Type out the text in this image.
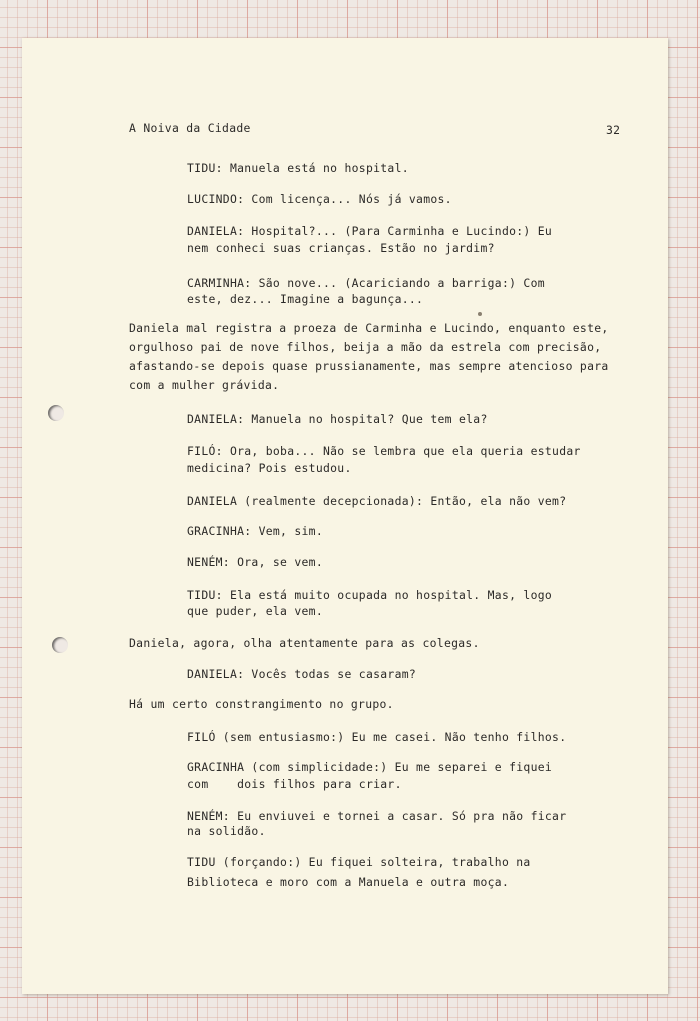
A Noiva da Cidade	32
TIDU: Manuela está no hospital.
LUCINDO: Com licença... Nós já vamos.
DANIELA: Hospital?... (Para Carminha e Lucindo:) Eu
nem conheci suas crianças. Estão no jardim?
CARMINHA: São nove... (Acariciando a barriga:) Com
este, dez... Imagine a bagunça...
Daniela mal registra a proeza de Carminha e Lucindo, enquanto este,
orgulhoso pai de nove filhos, beija a mão da estrela com precisão,
afastando-se depois quase prussianamente, mas sempre atencioso para
com a mulher grávida.
DANIELA: Manuela no hospital? Que tem ela?
FILÓ: Ora, boba... Não se lembra que ela queria estudar
medicina? Pois estudou.
DANIELA (realmente decepcionada): Então, ela não vem?
GRACINHA: Vem, sim.
NENÉM: Ora, se vem.
TIDU: Ela está muito ocupada no hospital. Mas, logo
que puder, ela vem.
Daniela, agora, olha atentamente para as colegas.
DANIELA: Vocês todas se casaram?
Há um certo constrangimento no grupo.
FILÓ (sem entusiasmo:) Eu me casei. Não tenho filhos.
GRACINHA (com simplicidade:) Eu me separei e fiquei
com    dois filhos para criar.
NENÉM: Eu enviuvei e tornei a casar. Só pra não ficar
na solidão.
TIDU (forçando:) Eu fiquei solteira, trabalho na
Biblioteca e moro com a Manuela e outra moça.
